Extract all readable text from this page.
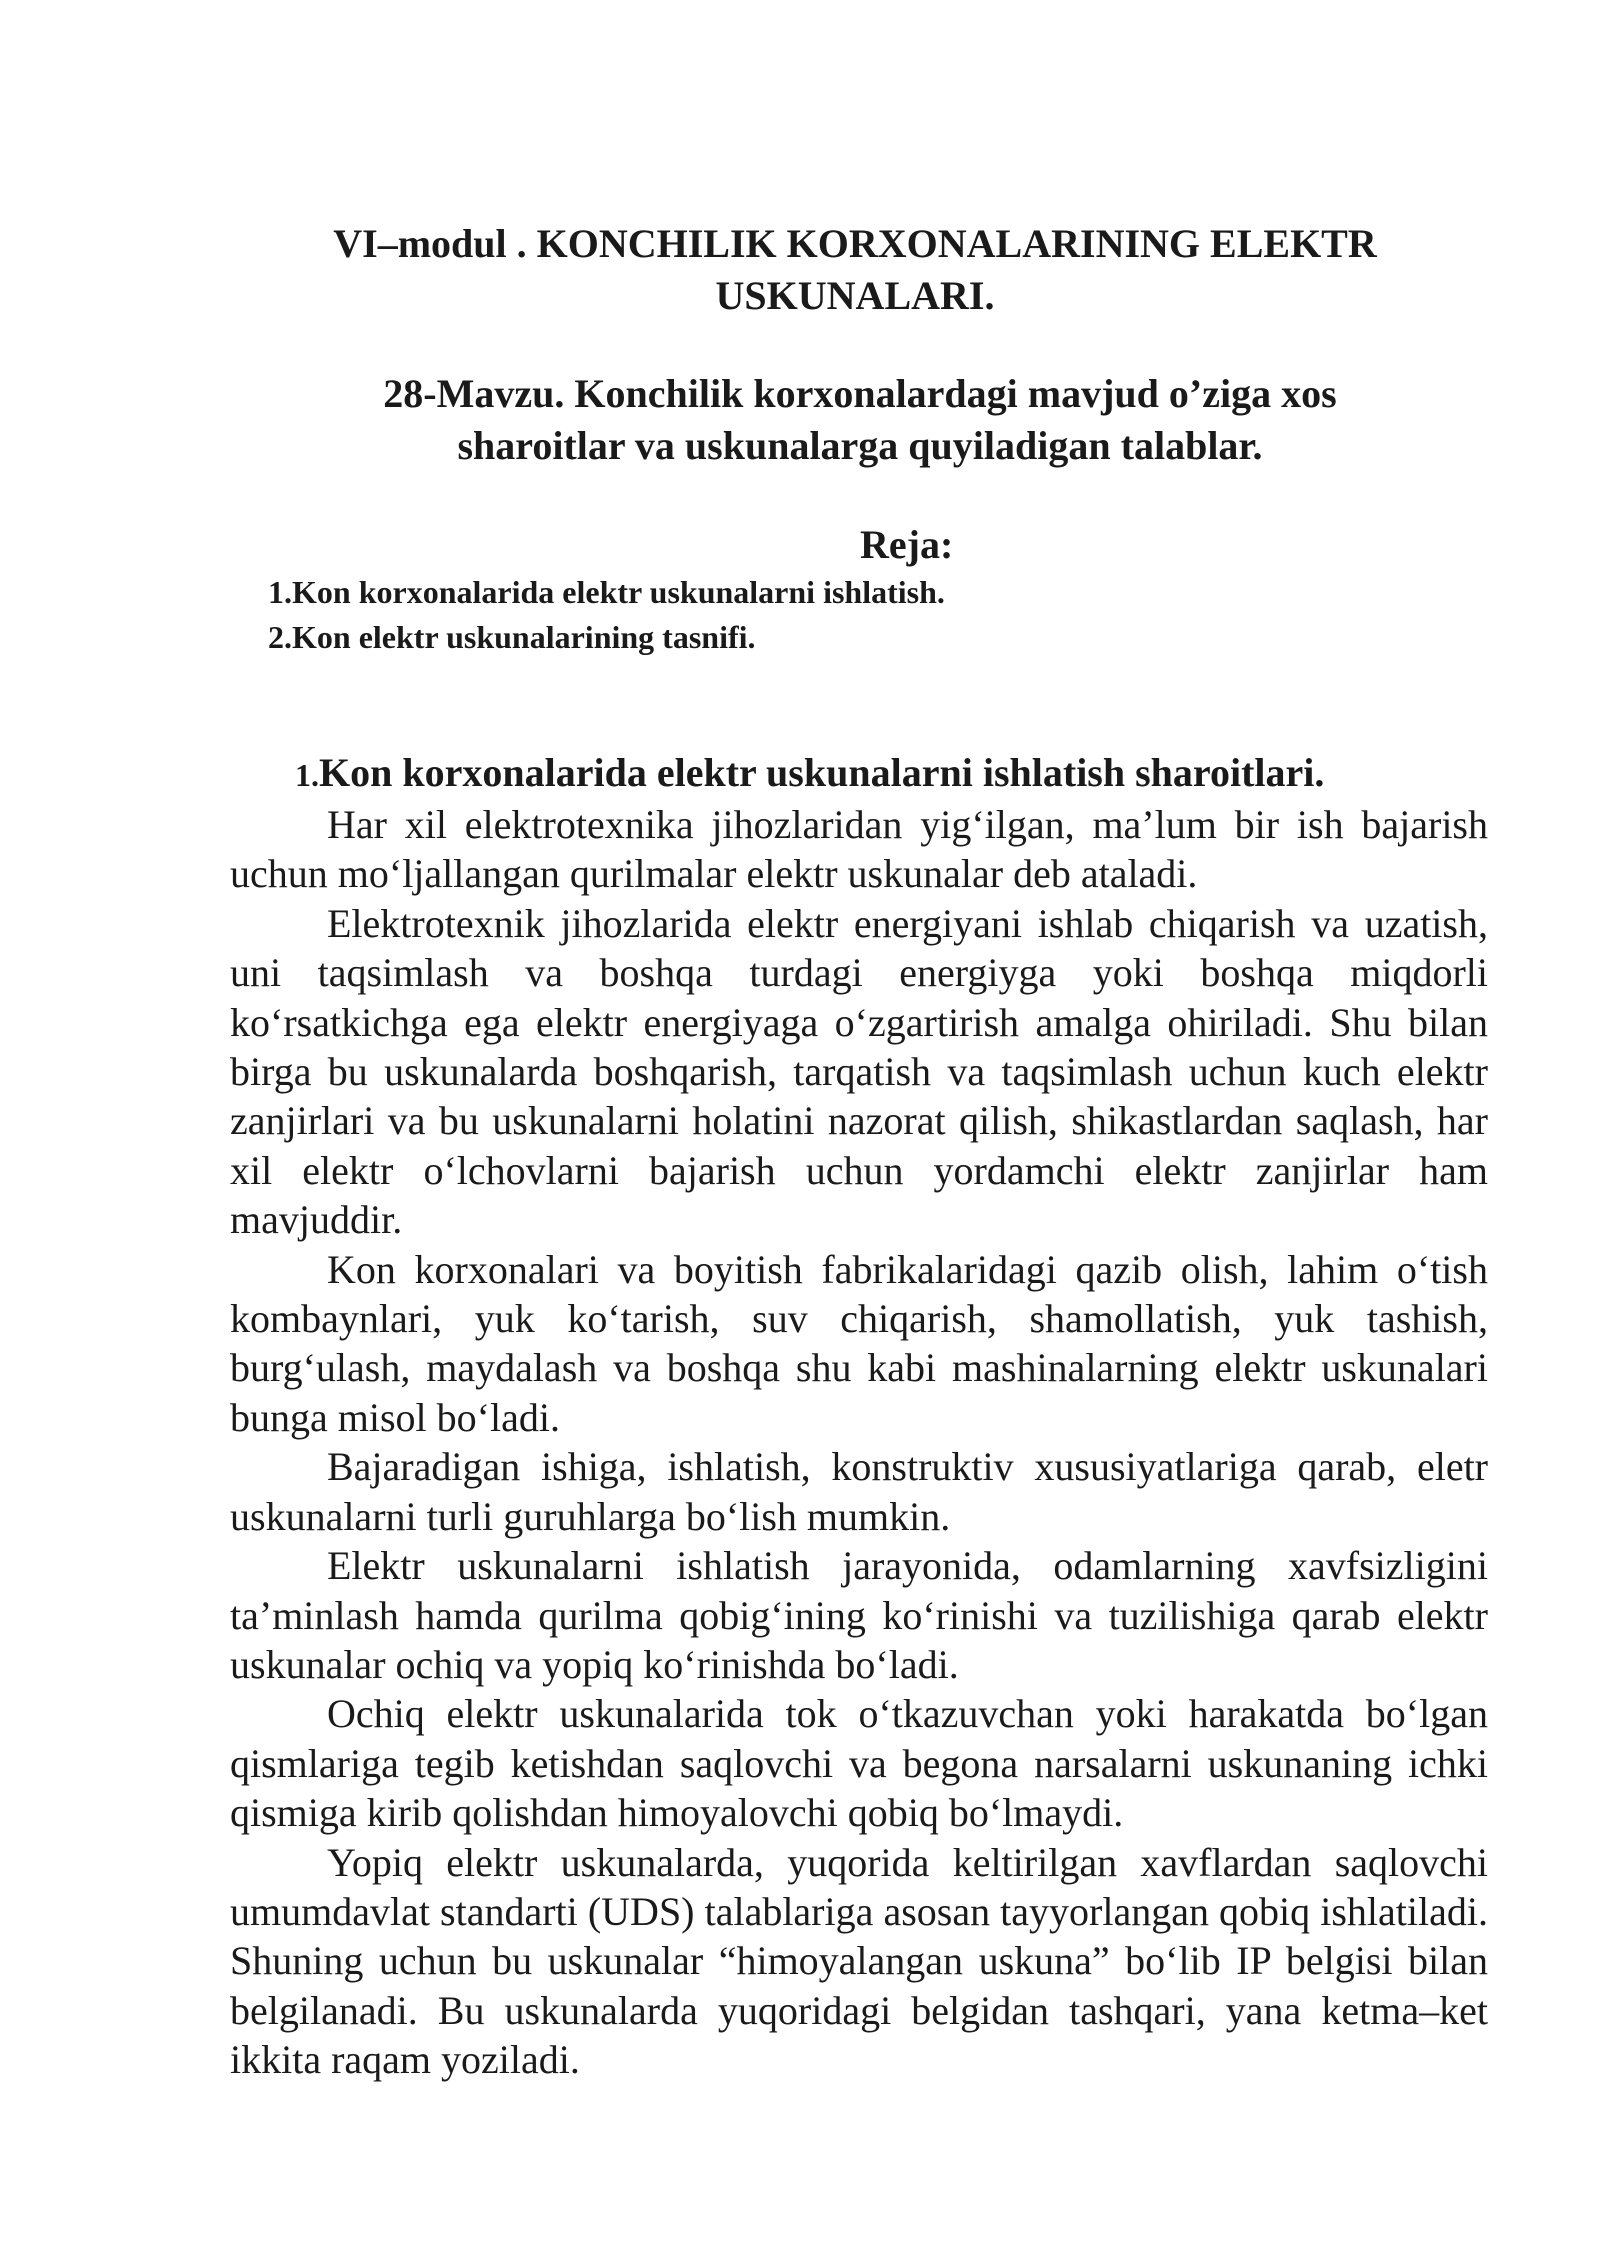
VI–modul . KONCHILIK KORXONALARINING ELEKTR
USKUNALARI.
28-Mavzu. Konchilik korxonalardagi mavjud o’ziga xos
sharoitlar va uskunalarga quyiladigan talablar.
Reja:
1.Kon korxonalarida elektr uskunalarni ishlatish.
2.Kon elektr uskunalarining tasnifi.
1.Kon korxonalarida elektr uskunalarni ishlatish sharoitlari.

Har xil elektrotexnika jihozlaridan yig‘ilgan, ma’lum bir ish bajarish uchun mo‘ljallangan qurilmalar elektr uskunalar deb ataladi.

Elektrotexnik jihozlarida elektr energiyani ishlab chiqarish va uzatish, uni taqsimlash va boshqa turdagi energiyga yoki boshqa miqdorli ko‘rsatkichga ega elektr energiyaga o‘zgartirish amalga ohiriladi. Shu bilan birga bu uskunalarda boshqarish, tarqatish va taqsimlash uchun kuch elektr zanjirlari va bu uskunalarni holatini nazorat qilish, shikastlardan saqlash, har xil elektr o‘lchovlarni bajarish uchun yordamchi elektr zanjirlar ham mavjuddir.

Kon korxonalari va boyitish fabrikalaridagi qazib olish, lahim o‘tish kombaynlari, yuk ko‘tarish, suv chiqarish, shamollatish, yuk tashish, burg‘ulash, maydalash va boshqa shu kabi mashinalarning elektr uskunalari bunga misol bo‘ladi.

Bajaradigan ishiga, ishlatish, konstruktiv xususiyatlariga qarab, eletr uskunalarni turli guruhlarga bo‘lish mumkin.

Elektr uskunalarni ishlatish jarayonida, odamlarning xavfsizligini ta’minlash hamda qurilma qobig‘ining ko‘rinishi va tuzilishiga qarab elektr uskunalar ochiq va yopiq ko‘rinishda bo‘ladi.

Ochiq elektr uskunalarida tok o‘tkazuvchan yoki harakatda bo‘lgan qismlariga tegib ketishdan saqlovchi va begona narsalarni uskunaning ichki qismiga kirib qolishdan himoyalovchi qobiq bo‘lmaydi.

Yopiq elektr uskunalarda, yuqorida keltirilgan xavflardan saqlovchi umumdavlat standarti (UDS) talablariga asosan tayyorlangan qobiq ishlatiladi. Shuning uchun bu uskunalar “himoyalangan uskuna” bo‘lib IP belgisi bilan belgilanadi. Bu uskunalarda yuqoridagi belgidan tashqari, yana ketma–ket ikkita raqam yoziladi.
